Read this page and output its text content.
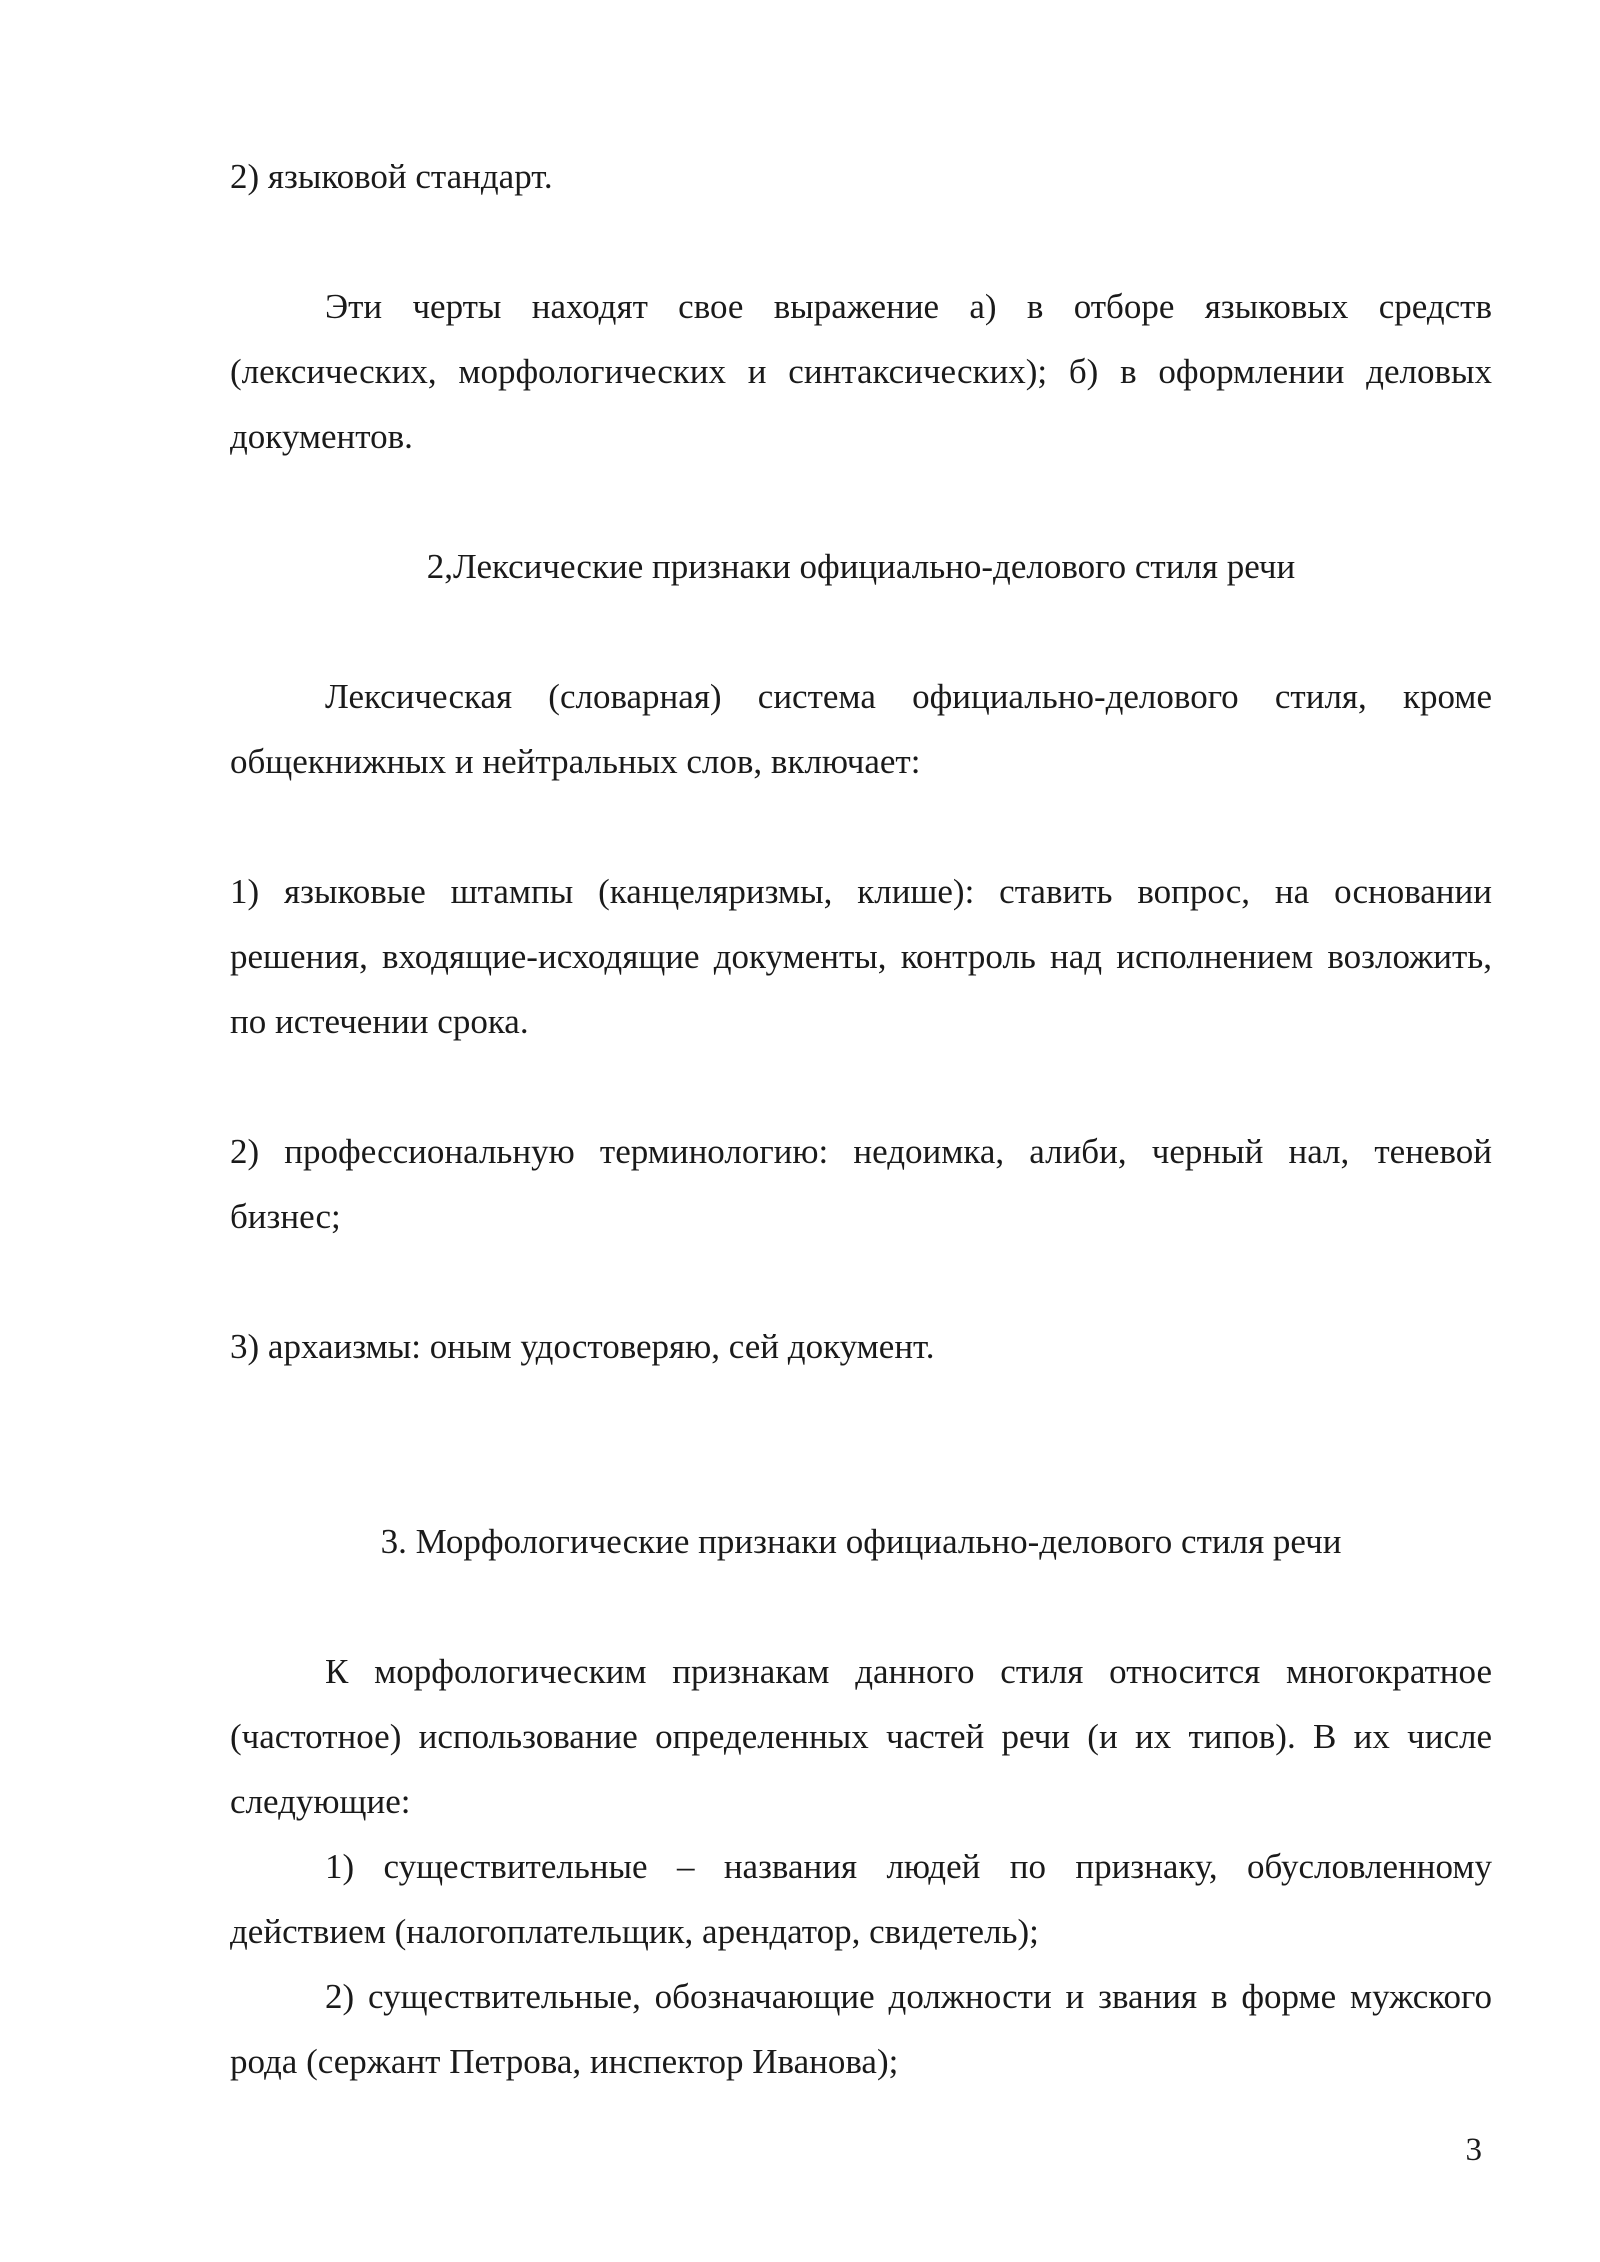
2) языковой стандарт.

Эти черты находят свое выражение а) в отборе языковых средств (лексических, морфологических и синтаксических); б) в оформлении деловых документов.

2,Лексические признаки официально-делового стиля речи

Лексическая (словарная) система официально-делового стиля, кроме общекнижных и нейтральных слов, включает:

1) языковые штампы (канцеляризмы, клише): ставить вопрос, на основании решения, входящие-исходящие документы, контроль над исполнением возложить, по истечении срока.

2) профессиональную терминологию: недоимка, алиби, черный нал, теневой бизнес;

3) архаизмы: оным удостоверяю, сей документ.

3. Морфологические признаки официально-делового стиля речи

К морфологическим признакам данного стиля относится многократное (частотное) использование определенных частей речи (и их типов). В их числе следующие:

1) существительные – названия людей по признаку, обусловленному действием (налогоплательщик, арендатор, свидетель);

2) существительные, обозначающие должности и звания в форме мужского рода (сержант Петрова, инспектор Иванова);

3
